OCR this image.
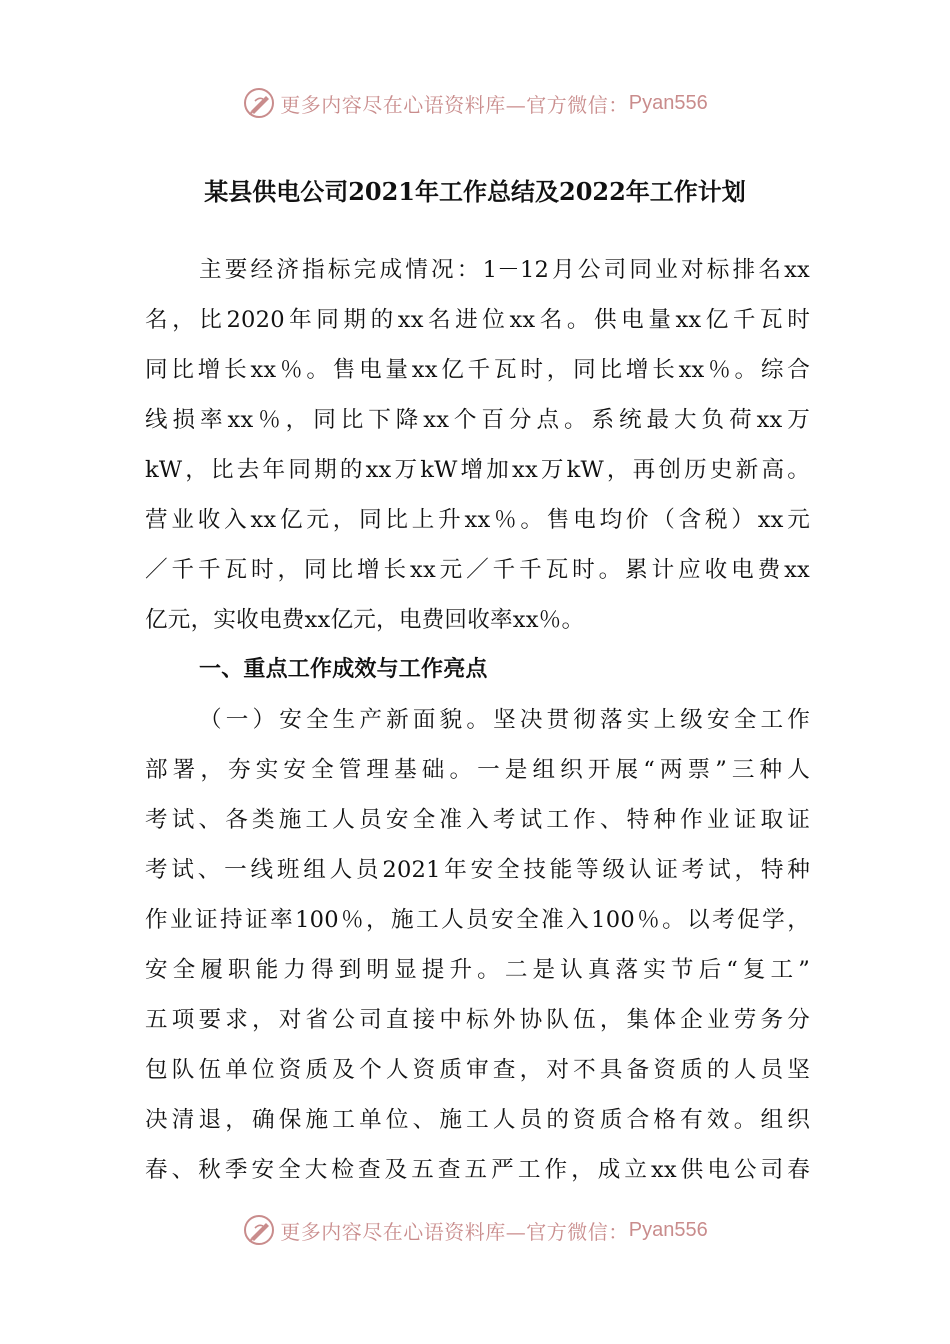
更多内容尽在心语资料库—官方微信： Pyan556
某县供电公司2021年工作总结及2022年工作计划
主要经济指标完成情况：1－12月公司同业对标排名xx
名，比2020年同期的xx名进位xx名。供电量xx亿千瓦时
同比增长xx％。售电量xx亿千瓦时，同比增长xx％。综合
线损率xx％，同比下降xx个百分点。系统最大负荷xx万
kW，比去年同期的xx万kW增加xx万kW，再创历史新高。
营业收入xx亿元，同比上升xx％。售电均价（含税）xx元
／千千瓦时，同比增长xx元／千千瓦时。累计应收电费xx
亿元，实收电费xx亿元，电费回收率xx％。
一、重点工作成效与工作亮点
（一）安全生产新面貌。坚决贯彻落实上级安全工作
部署，夯实安全管理基础。一是组织开展“两票”三种人
考试、各类施工人员安全准入考试工作、特种作业证取证
考试、一线班组人员2021年安全技能等级认证考试，特种
作业证持证率100％，施工人员安全准入100％。以考促学，
安全履职能力得到明显提升。二是认真落实节后“复工”
五项要求，对省公司直接中标外协队伍，集体企业劳务分
包队伍单位资质及个人资质审查，对不具备资质的人员坚
决清退，确保施工单位、施工人员的资质合格有效。组织
春、秋季安全大检查及五查五严工作，成立xx供电公司春
更多内容尽在心语资料库—官方微信： Pyan556
